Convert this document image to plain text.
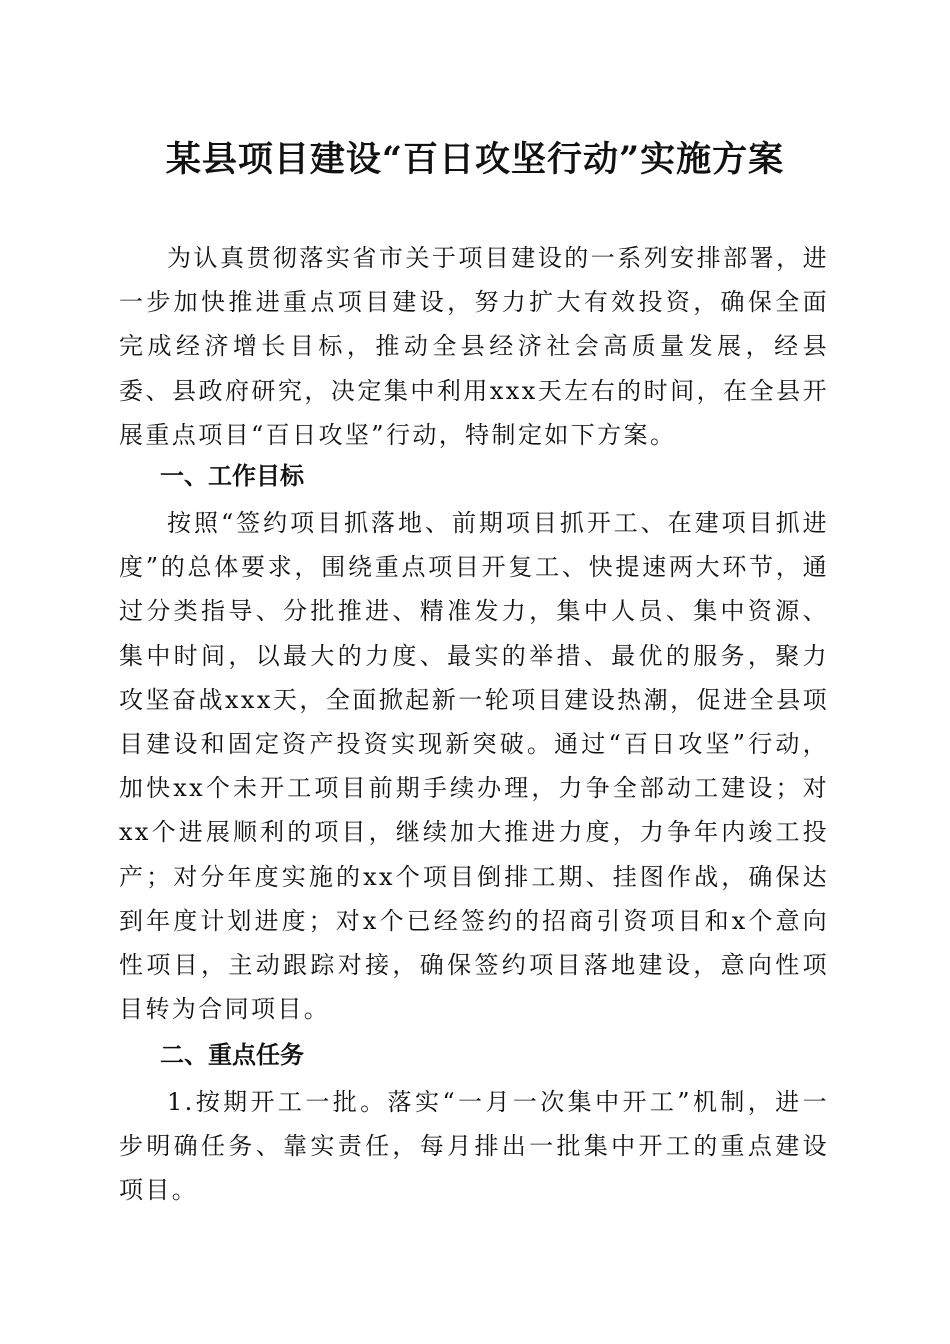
某县项目建设“百日攻坚行动”实施方案

为认真贯彻落实省市关于项目建设的一系列安排部署，进一步加快推进重点项目建设，努力扩大有效投资，确保全面完成经济增长目标，推动全县经济社会高质量发展，经县委、县政府研究，决定集中利用xxx天左右的时间，在全县开展重点项目“百日攻坚”行动，特制定如下方案。

一、工作目标

按照“签约项目抓落地、前期项目抓开工、在建项目抓进度”的总体要求，围绕重点项目开复工、快提速两大环节，通过分类指导、分批推进、精准发力，集中人员、集中资源、集中时间，以最大的力度、最实的举措、最优的服务，聚力攻坚奋战xxx天，全面掀起新一轮项目建设热潮，促进全县项目建设和固定资产投资实现新突破。通过“百日攻坚”行动，加快xx个未开工项目前期手续办理，力争全部动工建设；对xx个进展顺利的项目，继续加大推进力度，力争年内竣工投产；对分年度实施的xx个项目倒排工期、挂图作战，确保达到年度计划进度；对x个已经签约的招商引资项目和x个意向性项目，主动跟踪对接，确保签约项目落地建设，意向性项目转为合同项目。

二、重点任务

1.按期开工一批。落实“一月一次集中开工”机制，进一步明确任务、靠实责任，每月排出一批集中开工的重点建设项目。
